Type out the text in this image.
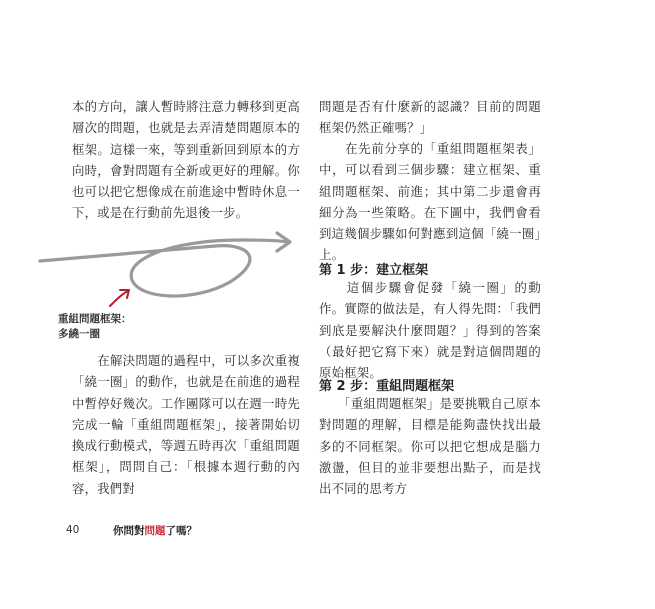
本的方向，讓人暫時將注意力轉移到更高層次的問題，也就是去弄清楚問題原本的框架。這樣一來，等到重新回到原本的方向時，會對問題有全新或更好的理解。你也可以把它想像成在前進途中暫時休息一下，或是在行動前先退後一步。

　　在解決問題的過程中，可以多次重複「繞一圈」的動作，也就是在前進的過程中暫停好幾次。工作團隊可以在週一時先完成一輪「重組問題框架」，接著開始切換成行動模式，等週五時再次「重組問題框架」，問問自己：「根據本週行動的內容，我們對

重組問題框架：
多繞一圈

問題是否有什麼新的認識？目前的問題框架仍然正確嗎？」

　　在先前分享的「重組問題框架表」中，可以看到三個步驟：建立框架、重組問題框架、前進；其中第二步還會再細分為一些策略。在下圖中，我們會看到這幾個步驟如何對應到這個「繞一圈」上。

第 1 步：建立框架

　　這個步驟會促發「繞一圈」的動作。實際的做法是，有人得先問：「我們到底是要解決什麼問題？」得到的答案（最好把它寫下來）就是對這個問題的原始框架。

第 2 步：重組問題框架

　　「重組問題框架」是要挑戰自己原本對問題的理解，目標是能夠盡快找出最多的不同框架。你可以把它想成是腦力激盪，但目的並非要想出點子，而是找出不同的思考方

40	你問對問題了嗎？
